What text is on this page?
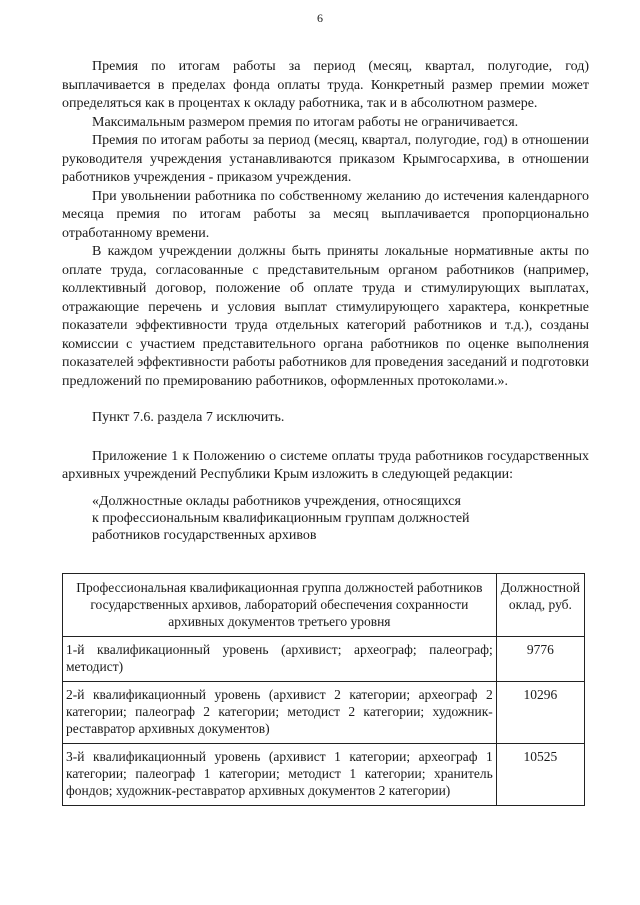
6

Премия по итогам работы за период (месяц, квартал, полугодие, год) выплачивается в пределах фонда оплаты труда. Конкретный размер премии может определяться как в процентах к окладу работника, так и в абсолютном размере.

Максимальным размером премия по итогам работы не ограничивается.

Премия по итогам работы за период (месяц, квартал, полугодие, год) в отношении руководителя учреждения устанавливаются приказом Крымгосархива, в отношении работников учреждения - приказом учреждения.

При увольнении работника по собственному желанию до истечения календарного месяца премия по итогам работы за месяц выплачивается пропорционально отработанному времени.

В каждом учреждении должны быть приняты локальные нормативные акты по оплате труда, согласованные с представительным органом работников (например, коллективный договор, положение об оплате труда и стимулирующих выплатах, отражающие перечень и условия выплат стимулирующего характера, конкретные показатели эффективности труда отдельных категорий работников и т.д.), созданы комиссии с участием представительного органа работников по оценке выполнения показателей эффективности работы работников для проведения заседаний и подготовки предложений по премированию работников, оформленных протоколами.».

Пункт 7.6. раздела 7 исключить.

Приложение 1 к Положению о системе оплаты труда работников государственных архивных учреждений Республики Крым изложить в следующей редакции:

«Должностные оклады работников учреждения, относящихся

к профессиональным квалификационным группам должностей

работников государственных архивов

Профессиональная квалификационная группа должностей работников государственных архивов, лабораторий обеспечения сохранности архивных документов третьего уровня	Должностной оклад, руб.
1-й квалификационный уровень (архивист; археограф; палеограф; методист)	9776
2-й квалификационный уровень (архивист 2 категории; археограф 2 категории; палеограф 2 категории; методист 2 категории; художник-реставратор архивных документов)	10296
3-й квалификационный уровень (архивист 1 категории; археограф 1 категории; палеограф 1 категории; методист 1 категории; хранитель фондов; художник-реставратор архивных документов 2 категории)	10525
